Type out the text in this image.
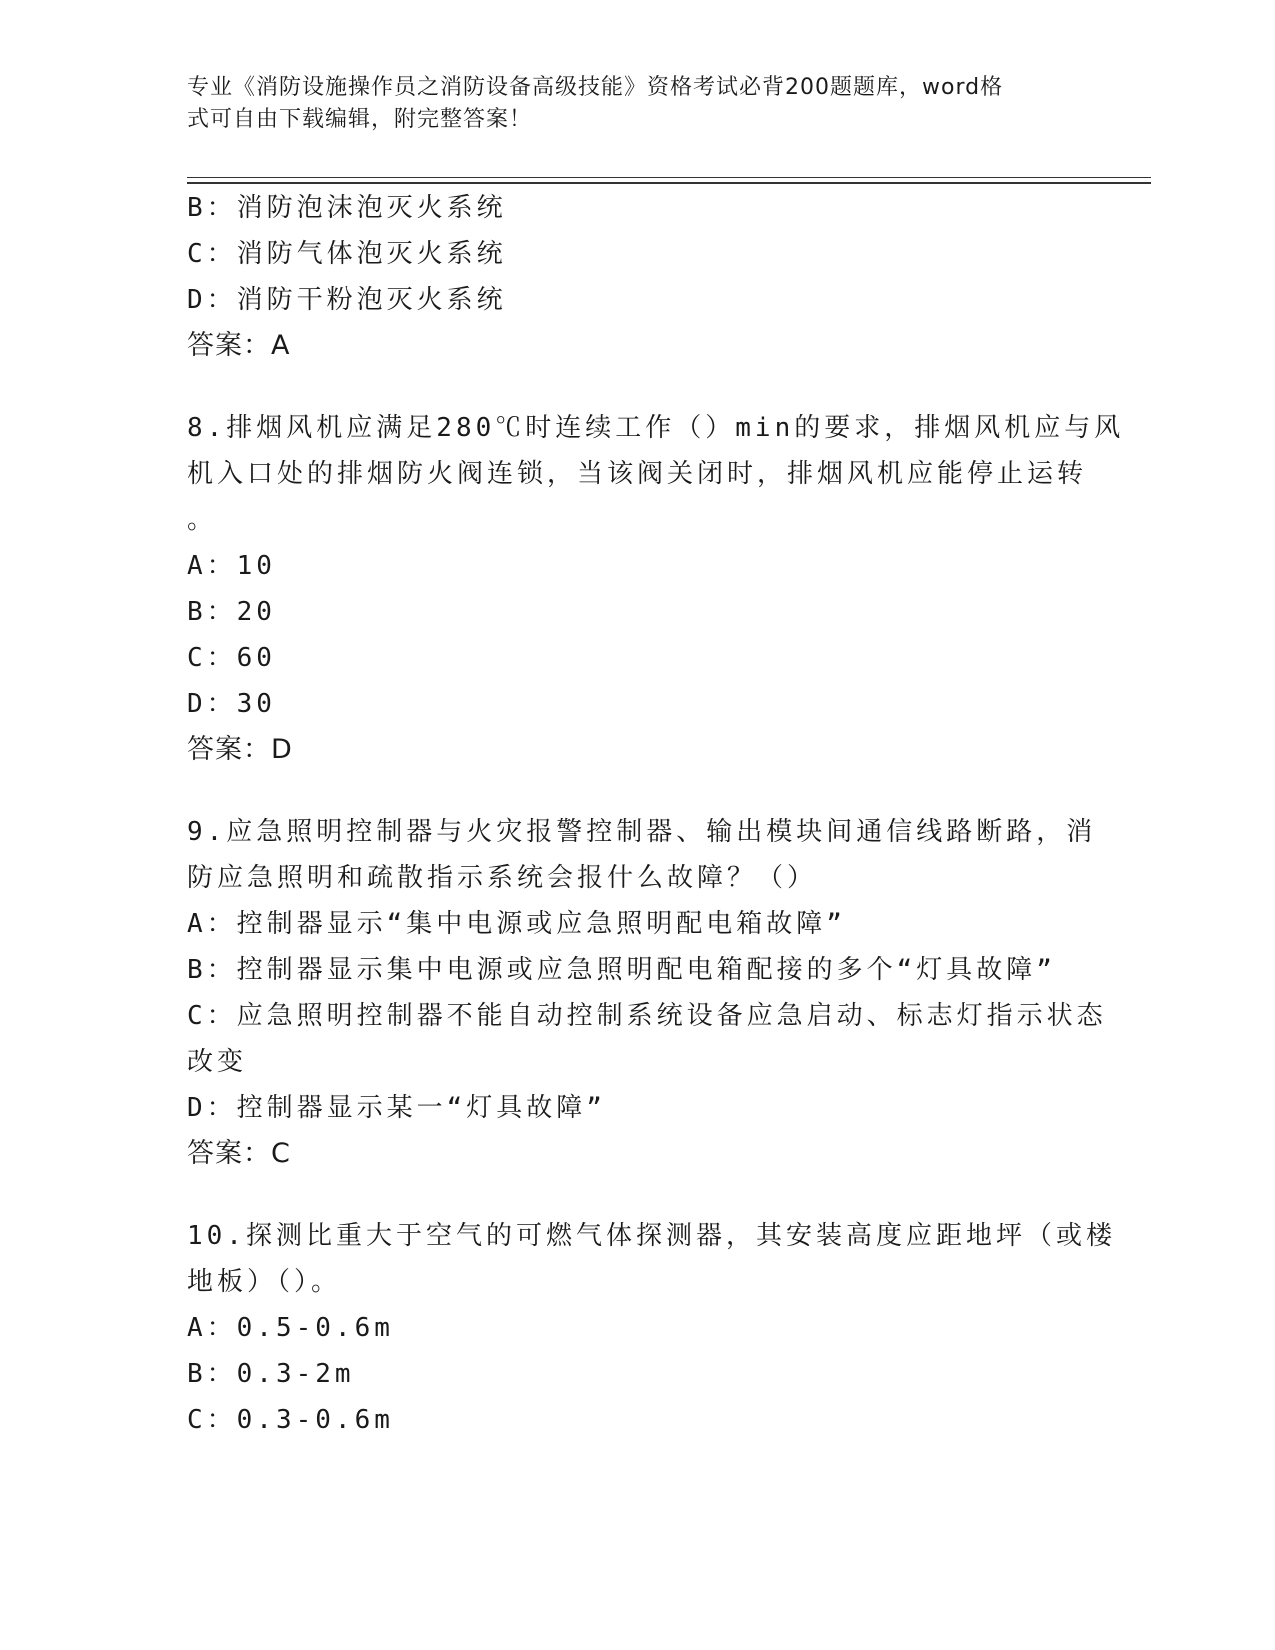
专业《消防设施操作员之消防设备高级技能》资格考试必背200题题库，word格
式可自由下载编辑，附完整答案！
B：消防泡沫泡灭火系统
C：消防气体泡灭火系统
D：消防干粉泡灭火系统
答案：A
8.排烟风机应满足280℃时连续工作（）min的要求，排烟风机应与风
机入口处的排烟防火阀连锁，当该阀关闭时，排烟风机应能停止运转
。
A：10
B：20
C：60
D：30
答案：D
9.应急照明控制器与火灾报警控制器、输出模块间通信线路断路，消
防应急照明和疏散指示系统会报什么故障？（）
A：控制器显示“集中电源或应急照明配电箱故障”
B：控制器显示集中电源或应急照明配电箱配接的多个“灯具故障”
C：应急照明控制器不能自动控制系统设备应急启动、标志灯指示状态
改变
D：控制器显示某一“灯具故障”
答案：C
10.探测比重大于空气的可燃气体探测器，其安装高度应距地坪（或楼
地板）（）。
A：0.5-0.6m
B：0.3-2m
C：0.3-0.6m
